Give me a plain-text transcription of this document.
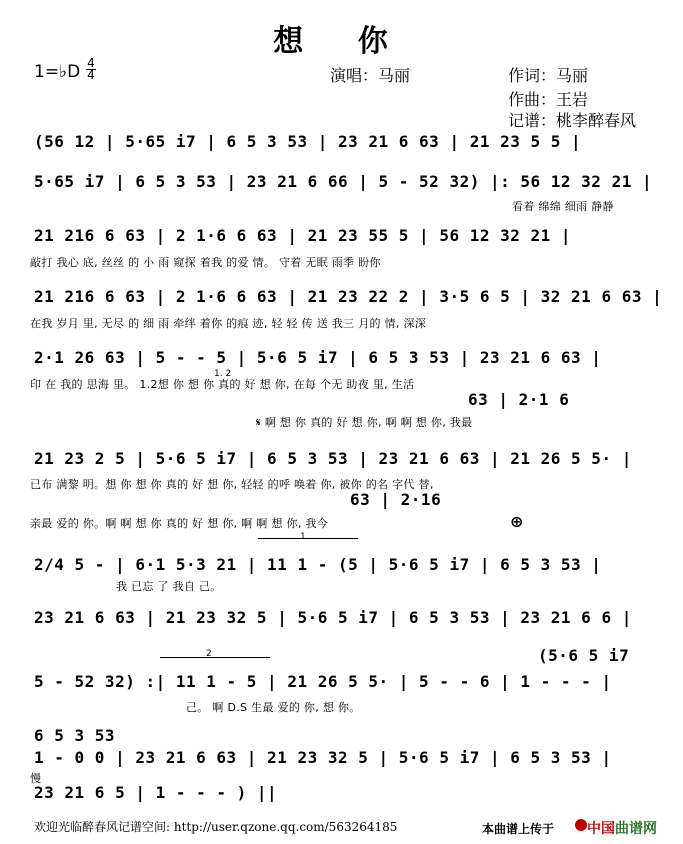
想 你
1=♭D 4
4	演唱：马丽	作词：马丽
作曲：王岩
记谱：桃李醉春风
(56 12 | 5·65 i7 | 6 5 3 53 | 23 21 6 63 | 21 23 5 5 |
5·65 i7 | 6 5 3 53 | 23 21 6 66 | 5 - 52 32) |: 56 12 32 21 |
看着 绵绵 细雨 静静
21 216 6 63 | 2 1·6 6 63 | 21 23 55 5 | 56 12 32 21 |
敲打 我心 底, 丝丝 的 小 雨 窥探 着我 的爱 情。 守着 无眠 雨季 盼你
21 216 6 63 | 2 1·6 6 63 | 21 23 22 2 | 3·5 6 5 | 32 21 6 63 |
在我 岁月 里, 无尽 的 细 雨 牵绊 着你 的痕 迹, 轻 轻 传 送 我三 月的 情, 深深
2·1 26 63 | 5 - - 5 | 5·6 5 i7 | 6 5 3 53 | 23 21 6 63 |
印 在 我的 思海 里。 1.2想 你 想 你 真的 好 想 你, 在每 个无 助夜 里, 生活
1. 2
63 | 2·1 6
𝄋 啊 想 你 真的 好 想 你, 啊 啊 想 你, 我最
21 23 2 5 | 5·6 5 i7 | 6 5 3 53 | 23 21 6 63 | 21 26 5 5· |
已布 满黎 明。想 你 想 你 真的 好 想 你, 轻轻 的呼 唤着 你, 被你 的名 字代 替,
63 | 2·16
亲最 爱的 你。啊 啊 想 你 真的 好 想 你, 啊 啊 想 你, 我今	⊕
2/4 5 - | 6·1 5·3 21 | 11 1 - (5 | 5·6 5 i7 | 6 5 3 53 |
我 已忘 了 我自 己。
1
23 21 6 63 | 21 23 32 5 | 5·6 5 i7 | 6 5 3 53 | 23 21 6 6 |
(5·6 5 i7
2
5 - 52 32) :| 11 1 - 5 | 21 26 5 5· | 5 - - 6 | 1 - - - |
己。 啊 D.S 生最 爱的 你, 想 你。
6 5 3 53
1 - 0 0 | 23 21 6 63 | 21 23 32 5 | 5·6 5 i7 | 6 5 3 53 |
慢
23 21 6 5 | 1 - - - ) ||
欢迎光临醉春风记谱空间: http://user.qzone.qq.com/563264185	本曲谱上传于 中国曲谱网
